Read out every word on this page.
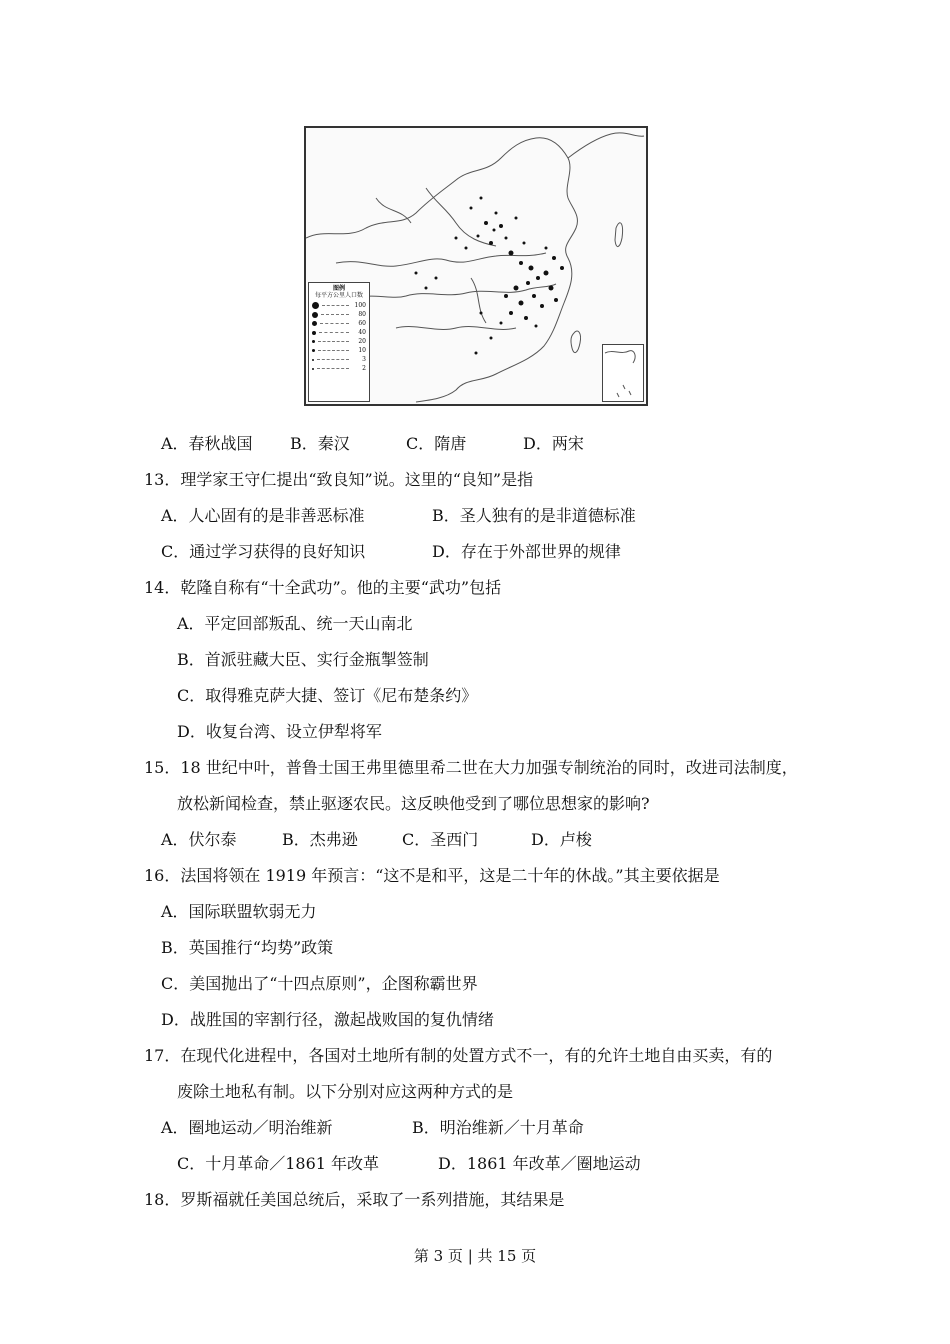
图例
每平方公里人口数
100
80
60
40
20
10
3
2
A．春秋战国 B．秦汉	C．隋唐	D．两宋
13．理学家王守仁提出“致良知”说。这里的“良知”是指
A．人心固有的是非善恶标准	B．圣人独有的是非道德标准
C．通过学习获得的良好知识	D．存在于外部世界的规律
14．乾隆自称有“十全武功”。他的主要“武功”包括
A．平定回部叛乱、统一天山南北
B．首派驻藏大臣、实行金瓶掣签制
C．取得雅克萨大捷、签订《尼布楚条约》
D．收复台湾、设立伊犁将军
15．18 世纪中叶，普鲁士国王弗里德里希二世在大力加强专制统治的同时，改进司法制度，
放松新闻检查，禁止驱逐农民。这反映他受到了哪位思想家的影响?
A．伏尔泰	B．杰弗逊	C．圣西门	D．卢梭
16．法国将领在 1919 年预言：“这不是和平，这是二十年的休战。”其主要依据是
A．国际联盟软弱无力
B．英国推行“均势”政策
C．美国抛出了“十四点原则”，企图称霸世界
D．战胜国的宰割行径，激起战败国的复仇情绪
17．在现代化进程中，各国对土地所有制的处置方式不一，有的允许土地自由买卖，有的
废除土地私有制。以下分别对应这两种方式的是
A．圈地运动／明治维新	B．明治维新／十月革命
C．十月革命／1861 年改革	D．1861 年改革／圈地运动
18．罗斯福就任美国总统后，采取了一系列措施，其结果是
第 3 页 | 共 15 页
